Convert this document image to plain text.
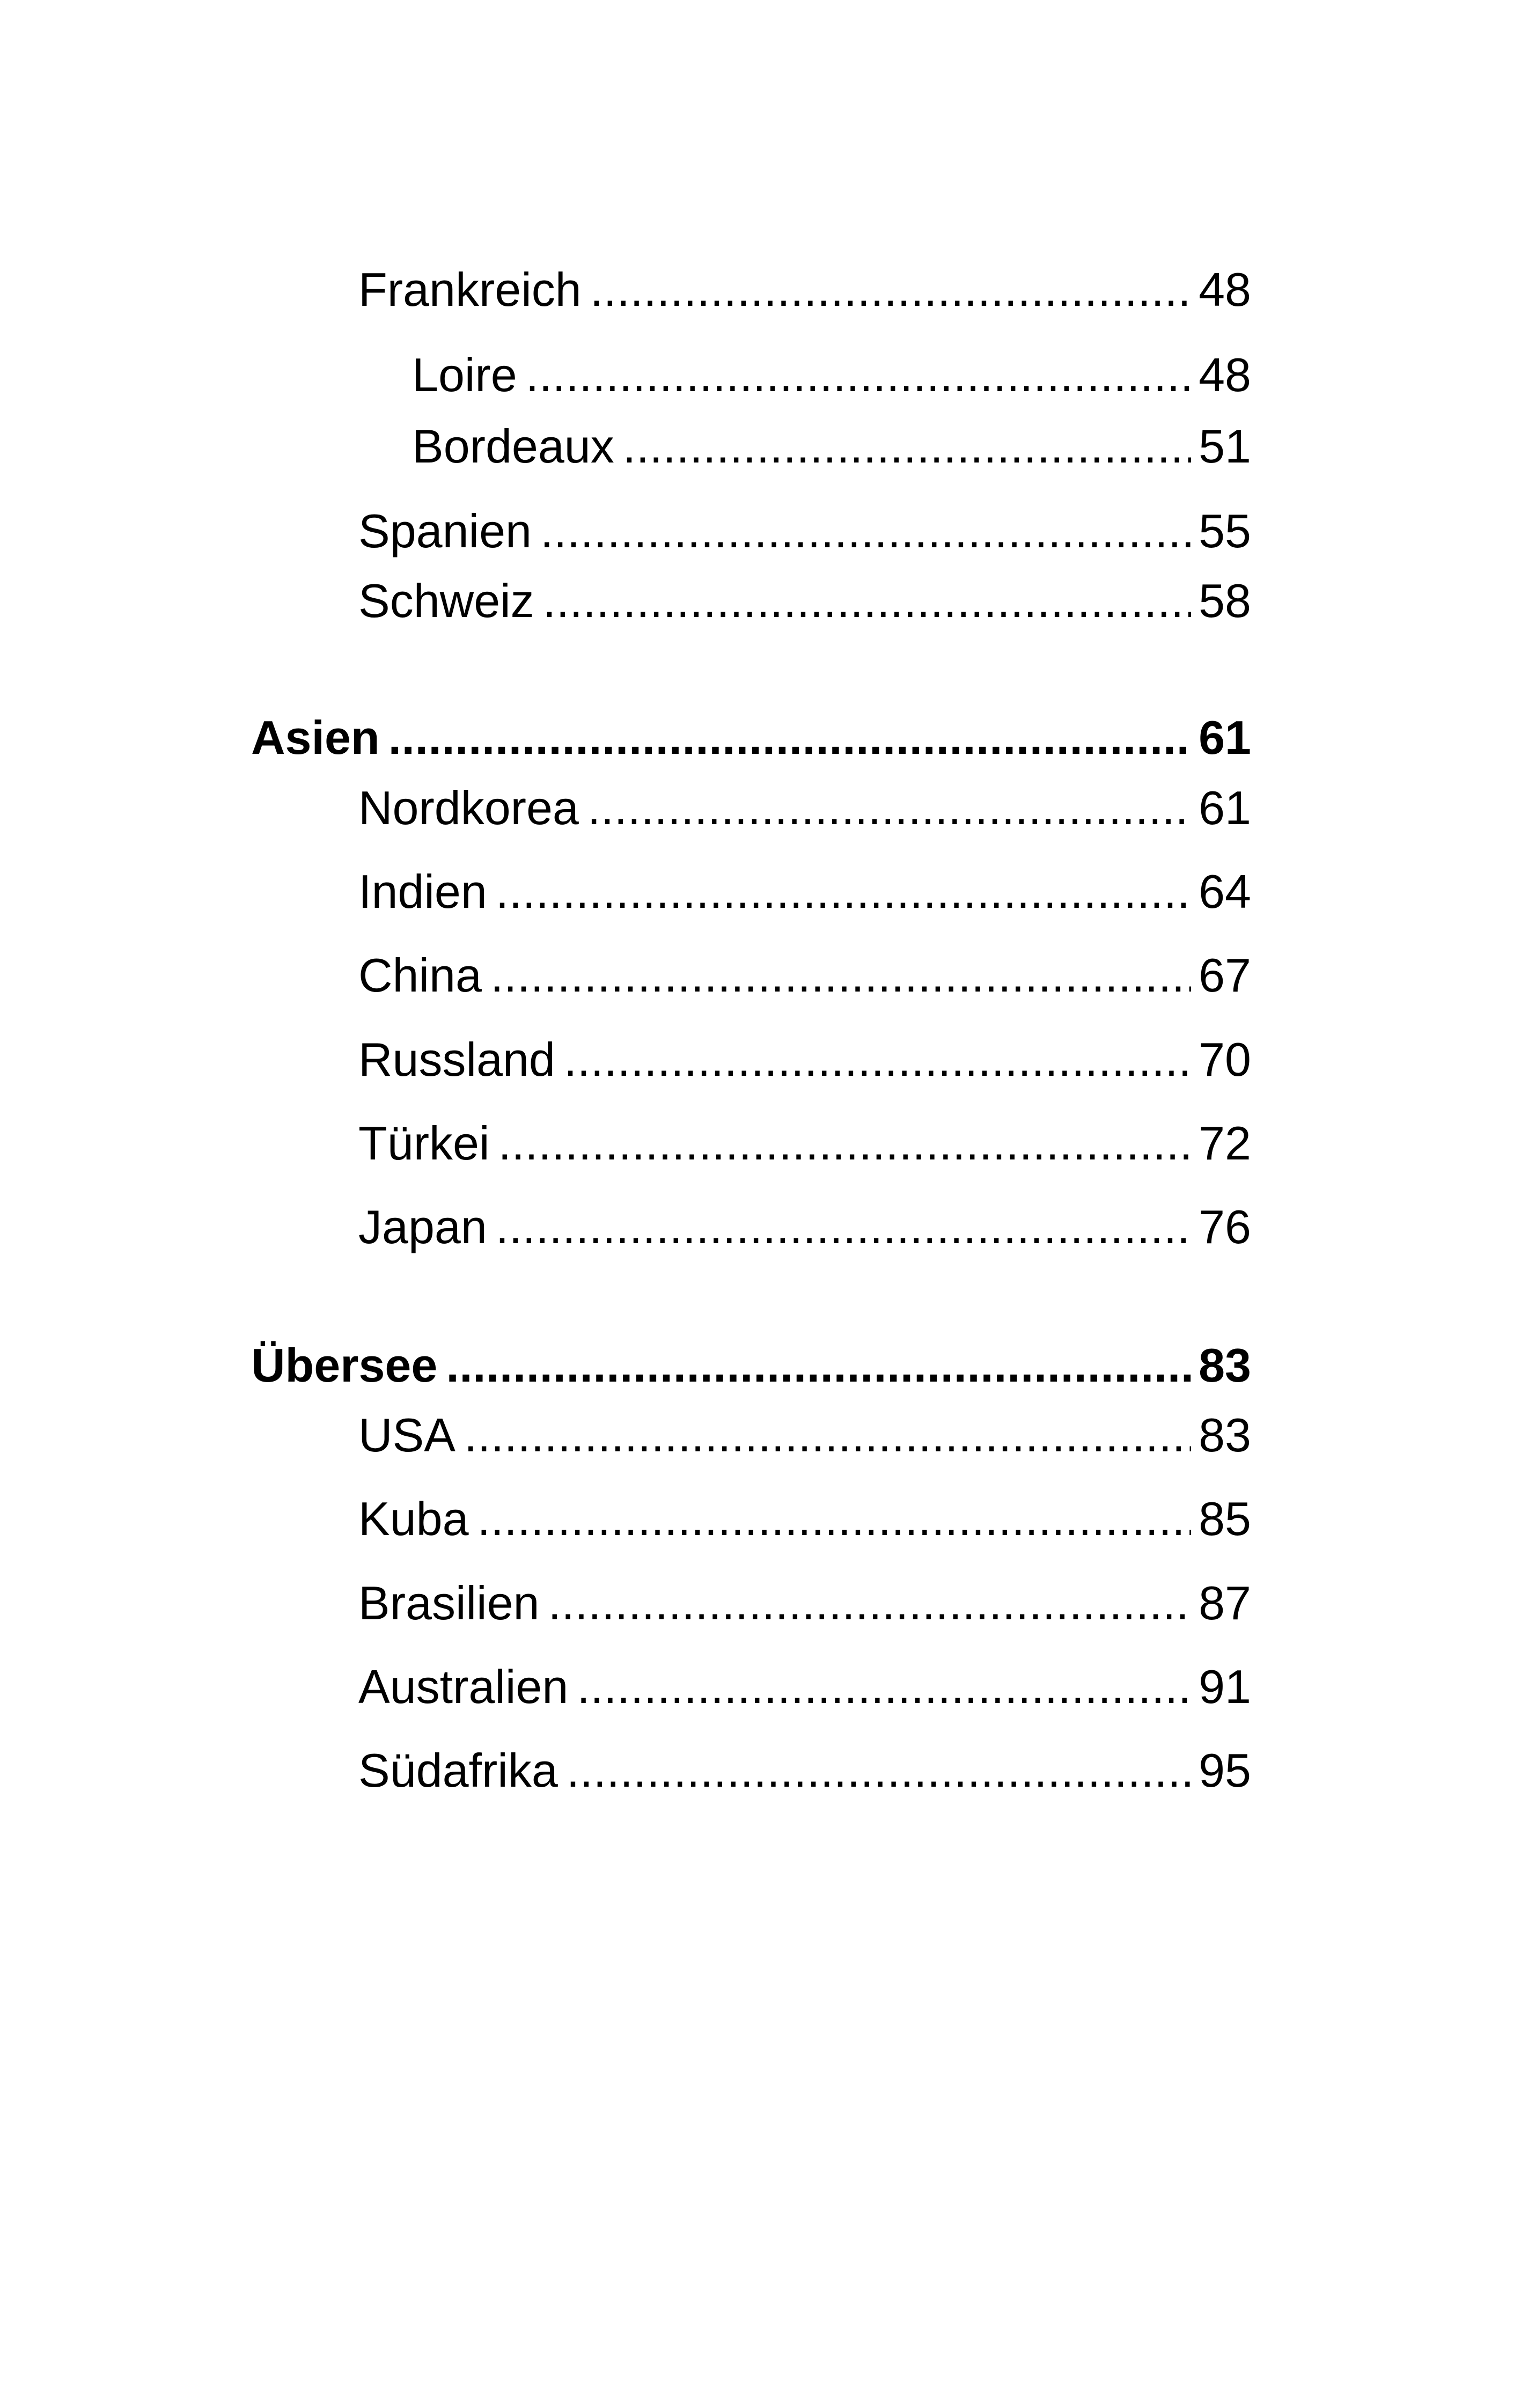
Frankreich . . .	48
Loire . . .	48
Bordeaux . . .	51
Spanien . . .	55
Schweiz . . .	58
Asien . . .	61
Nordkorea . . .	61
Indien . . .	64
China . . .	67
Russland . . .	70
Türkei . . .	72
Japan . . .	76
Übersee . . .	83
USA . . .	83
Kuba . . .	85
Brasilien . . .	87
Australien . . .	91
Südafrika . . .	95
